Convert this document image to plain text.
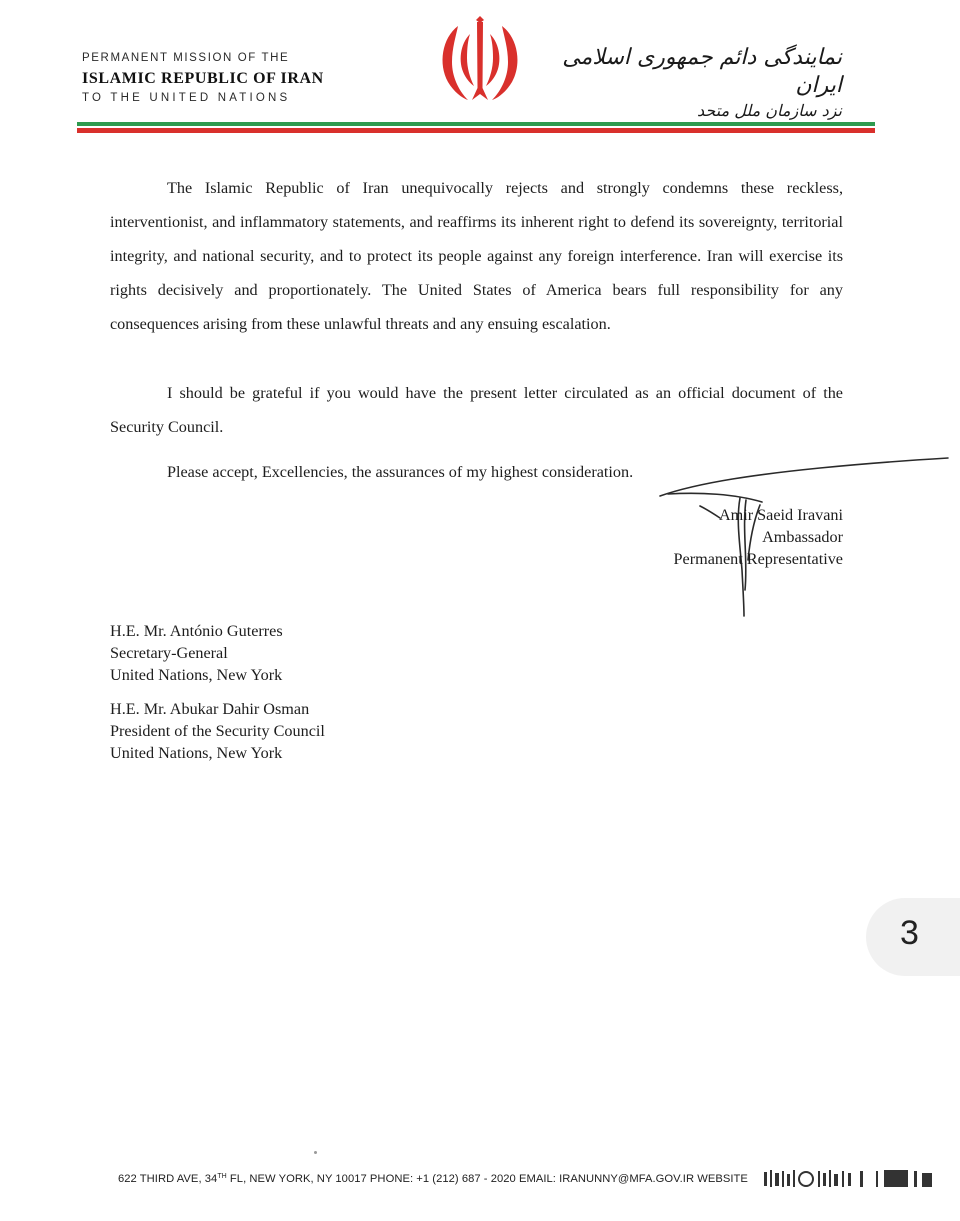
PERMANENT MISSION OF THE
ISLAMIC REPUBLIC OF IRAN
TO THE UNITED NATIONS
نمایندگی دائم جمهوری اسلامی ایران
نزد سازمان ملل متحد

The Islamic Republic of Iran unequivocally rejects and strongly condemns these reckless, interventionist, and inflammatory statements, and reaffirms its inherent right to defend its sovereignty, territorial integrity, and national security, and to protect its people against any foreign interference. Iran will exercise its rights decisively and proportionately. The United States of America bears full responsibility for any consequences arising from these unlawful threats and any ensuing escalation.

I should be grateful if you would have the present letter circulated as an official document of the Security Council.

Please accept, Excellencies, the assurances of my highest consideration.

Amir Saeid Iravani
Ambassador
Permanent Representative
H.E. Mr. António Guterres
Secretary-General
United Nations, New York
H.E. Mr. Abukar Dahir Osman
President of the Security Council
United Nations, New York
3
622 THIRD AVE, 34TH FL, NEW YORK, NY 10017 PHONE: +1 (212) 687 - 2020 EMAIL: IRANUNNY@MFA.GOV.IR WEBSITE
